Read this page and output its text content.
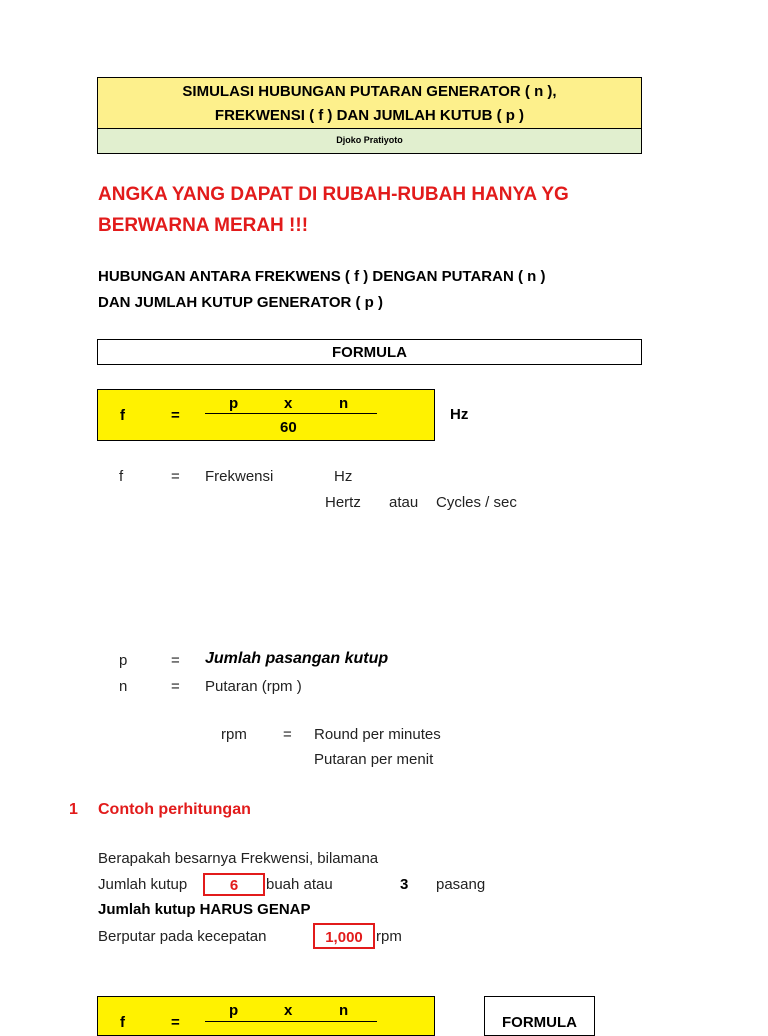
SIMULASI HUBUNGAN PUTARAN GENERATOR ( n ),
FREKWENSI ( f ) DAN JUMLAH KUTUB ( p )
Djoko Pratiyoto
ANGKA YANG DAPAT DI RUBAH-RUBAH HANYA YG
BERWARNA MERAH !!!
HUBUNGAN ANTARA FREKWENS ( f ) DENGAN PUTARAN ( n )
DAN JUMLAH KUTUP GENERATOR ( p )
FORMULA
f	=
p	x	n
60
Hz
f	= Frekwensi	Hz
Hertz atau Cycles / sec
p	= Jumlah pasangan kutup
n	= Putaran (rpm )
rpm = Round per minutes
Putaran per menit
1 Contoh perhitungan
Berapakah besarnya Frekwensi, bilamana
Jumlah kutup	6	buah atau	3 pasang
Jumlah kutup HARUS GENAP
Berputar pada kecepatan	1,000 rpm
f	=
p	x	n
FORMULA
